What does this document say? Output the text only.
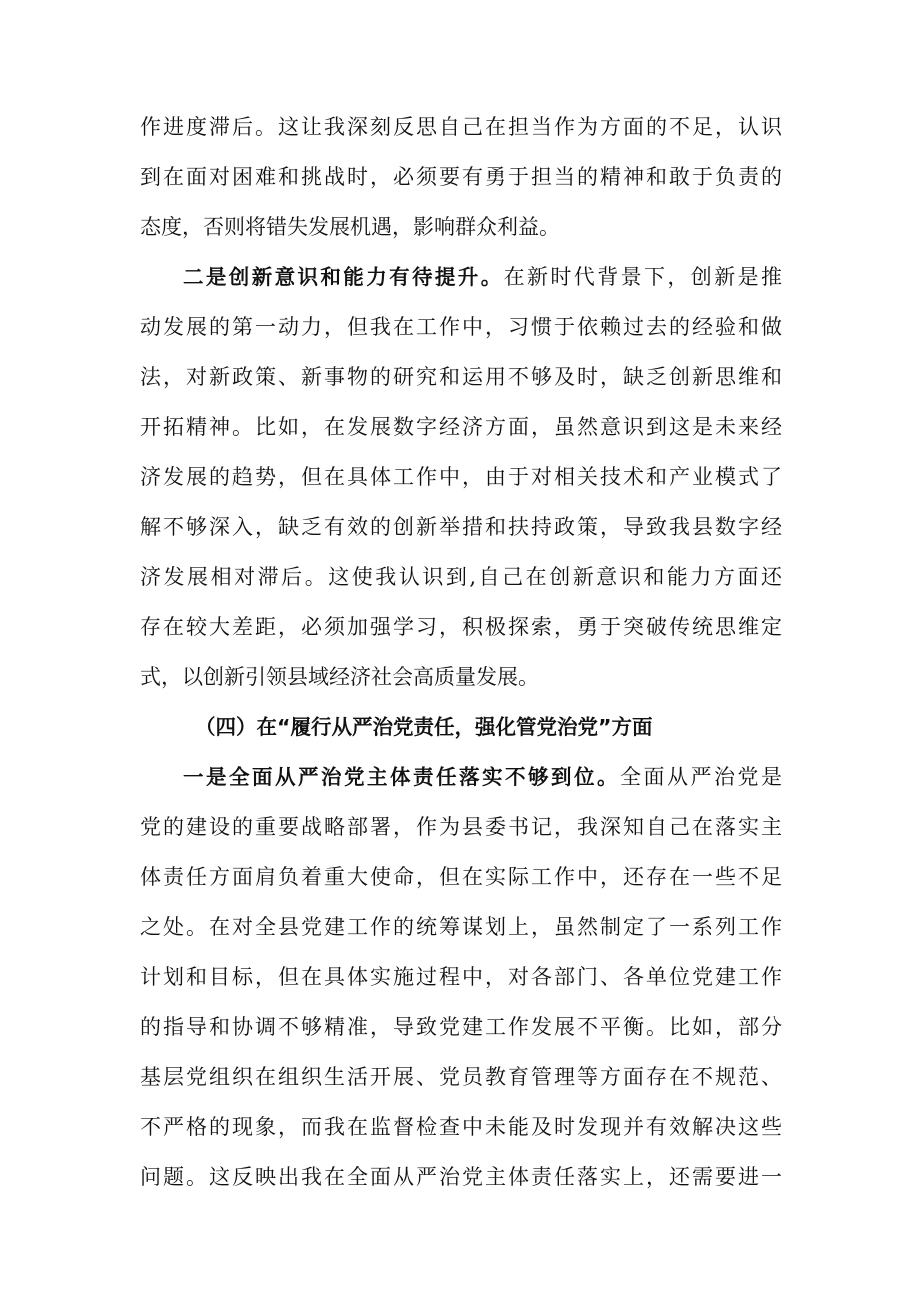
作进度滞后。这让我深刻反思自己在担当作为方面的不足，认识
到在面对困难和挑战时，必须要有勇于担当的精神和敢于负责的
态度，否则将错失发展机遇，影响群众利益。
二是创新意识和能力有待提升。在新时代背景下，创新是推
动发展的第一动力，但我在工作中，习惯于依赖过去的经验和做
法，对新政策、新事物的研究和运用不够及时，缺乏创新思维和
开拓精神。比如，在发展数字经济方面，虽然意识到这是未来经
济发展的趋势，但在具体工作中，由于对相关技术和产业模式了
解不够深入，缺乏有效的创新举措和扶持政策，导致我县数字经
济发展相对滞后。这使我认识到,自己在创新意识和能力方面还
存在较大差距，必须加强学习，积极探索，勇于突破传统思维定
式，以创新引领县域经济社会高质量发展。
（四）在“履行从严治党责任，强化管党治党”方面
一是全面从严治党主体责任落实不够到位。全面从严治党是
党的建设的重要战略部署，作为县委书记，我深知自己在落实主
体责任方面肩负着重大使命，但在实际工作中，还存在一些不足
之处。在对全县党建工作的统筹谋划上，虽然制定了一系列工作
计划和目标，但在具体实施过程中，对各部门、各单位党建工作
的指导和协调不够精准，导致党建工作发展不平衡。比如，部分
基层党组织在组织生活开展、党员教育管理等方面存在不规范、
不严格的现象，而我在监督检查中未能及时发现并有效解决这些
问题。这反映出我在全面从严治党主体责任落实上，还需要进一
